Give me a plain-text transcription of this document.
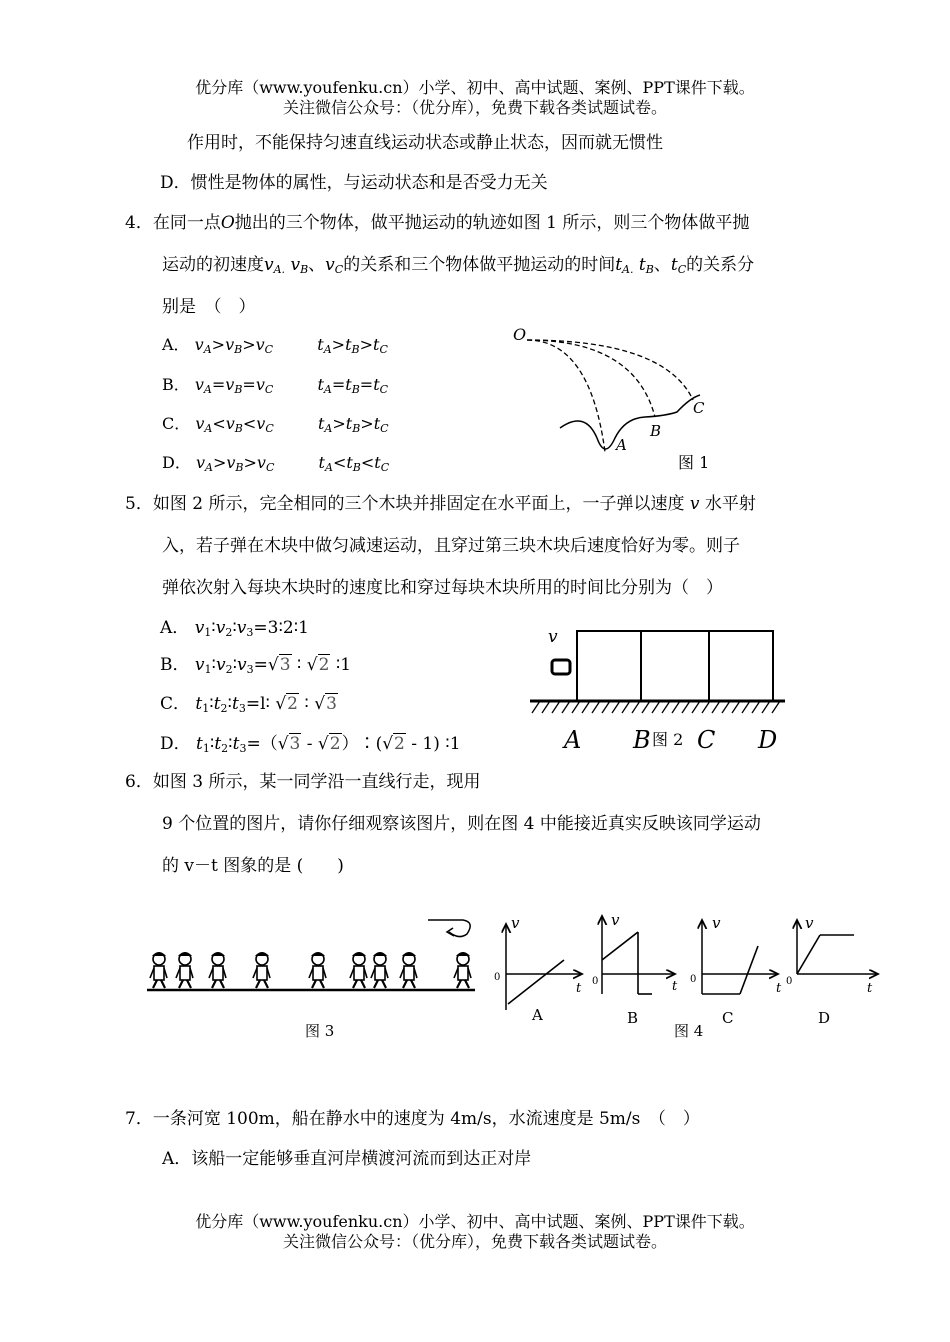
优分库（www.youfenku.cn）小学、初中、高中试题、案例、PPT课件下载。
关注微信公众号：（优分库），免费下载各类试题试卷。
作用时，不能保持匀速直线运动状态或静止状态，因而就无惯性
D．惯性是物体的属性，与运动状态和是否受力无关
4．在同一点O抛出的三个物体，做平抛运动的轨迹如图 1 所示，则三个物体做平抛
运动的初速度$v_{A.}$ $v_B$、$v_C$的关系和三个物体做平抛运动的时间$t_{A.}$ $t_B$、$t_C$的关系分
别是　（　）
A． $v_A>v_B>v_C$	$t_A>t_B>t_C$
B． $v_A=v_B=v_C$	$t_A=t_B=t_C$
C． $v_A<v_B<v_C$	$t_A>t_B>t_C$
D． $v_A>v_B>v_C$	$t_A<t_B<t_C$
O
A
B
C
图 1
5．如图 2 所示，完全相同的三个木块并排固定在水平面上，一子弹以速度 v 水平射
入，若子弹在木块中做匀减速运动，且穿过第三块木块后速度恰好为零。则子
弹依次射入每块木块时的速度比和穿过每块木块所用的时间比分别为（　）
A． $v_1∶v_2∶v_3=3∶2∶1$
B． $v_1∶v_2∶v_3=√3$ ∶ √2 ∶1
C． $t_1∶t_2∶t_3=l∶$ √2 ∶ √3
D． $t_1∶t_2∶t_3=(√3$ - √2）∶(√2 - 1) ∶1
v
A B 图 2 C D
6．如图 3 所示，某一同学沿一直线行走，现用
9 个位置的图片，请你仔细观察该图片，则在图 4 中能接近真实反映该同学运动
的 v－t 图象的是 (　　)
图 3
v
0
t
A
v
0	t
B
v
0
t
C
v
0	t
D
图 4
7．一条河宽 100m，船在静水中的速度为 4m/s，水流速度是 5m/s　（　）
A．该船一定能够垂直河岸横渡河流而到达正对岸
优分库（www.youfenku.cn）小学、初中、高中试题、案例、PPT课件下载。
关注微信公众号：（优分库），免费下载各类试题试卷。
